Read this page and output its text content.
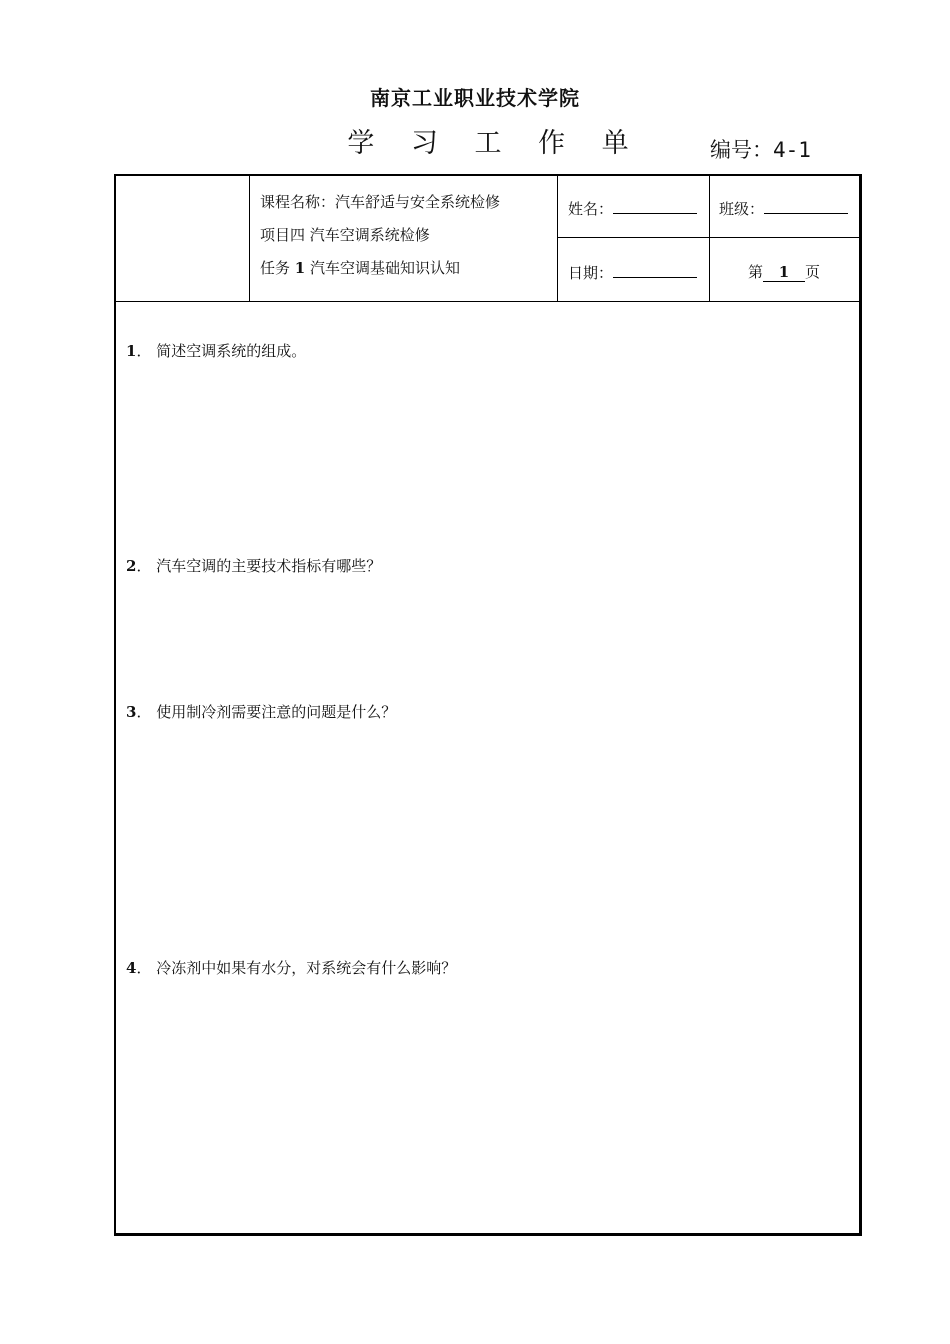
南京工业职业技术学院
学 习 工 作 单	编号：4-1
课程名称：汽车舒适与安全系统检修
项目四 汽车空调系统检修
任务 1 汽车空调基础知识认知
姓名：	班级：
日期：	第 1 页
1． 简述空调系统的组成。
2． 汽车空调的主要技术指标有哪些？
3． 使用制冷剂需要注意的问题是什么？
4． 冷冻剂中如果有水分，对系统会有什么影响？
